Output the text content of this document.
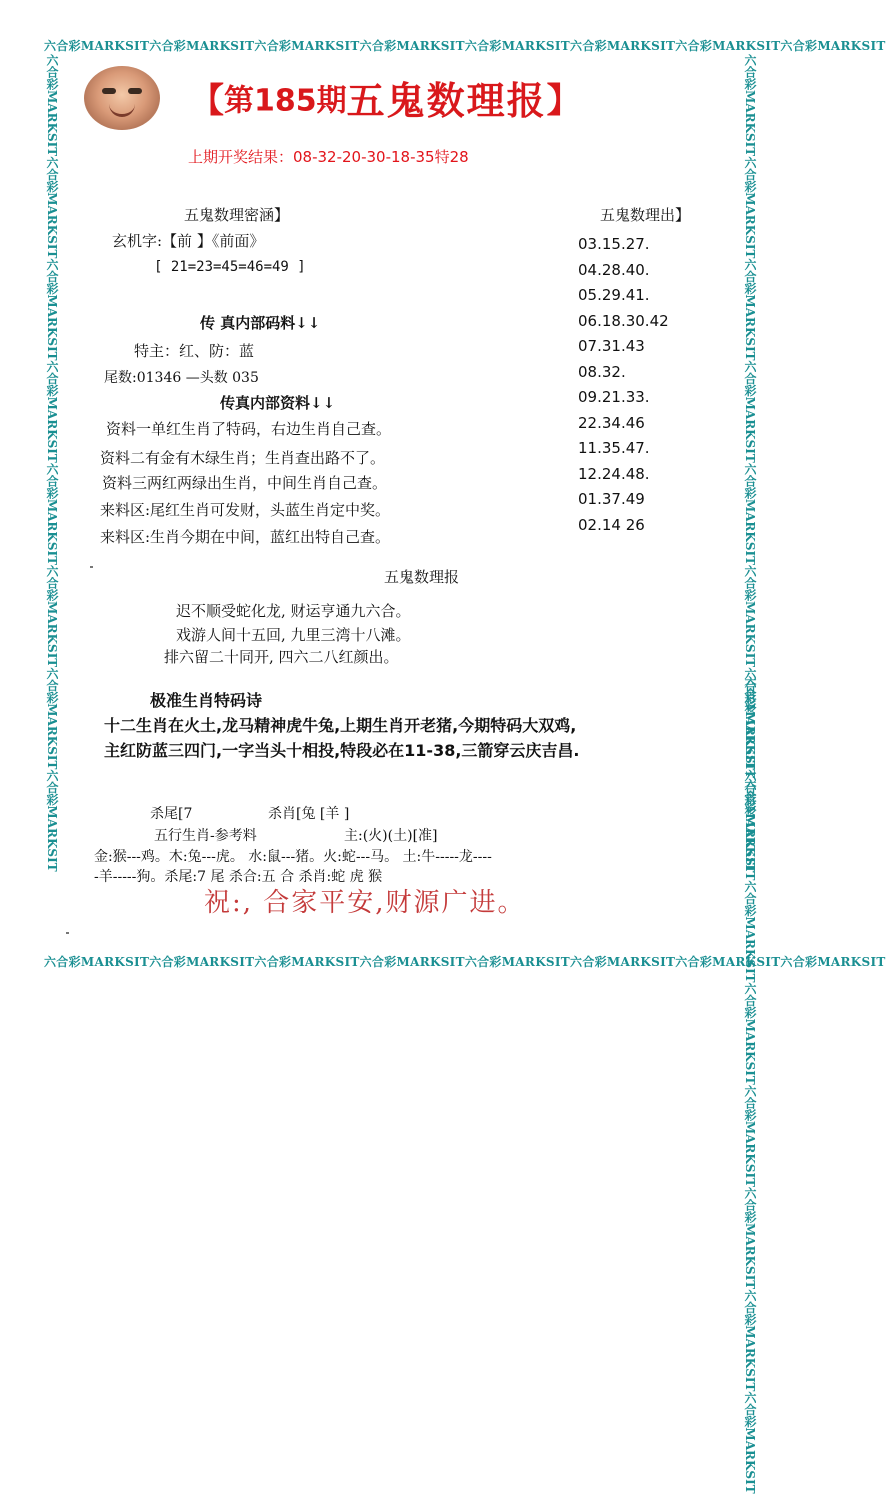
六合彩MARKSIT六合彩MARKSIT六合彩MARKSIT六合彩MARKSIT六合彩MARKSIT六合彩MARKSIT六合彩MARKSIT六合彩MARKSIT
六合彩MARKSIT六合彩MARKSIT六合彩MARKSIT六合彩MARKSIT六合彩MARKSIT六合彩MARKSIT六合彩MARKSIT六合彩MARKSIT
六合彩MARKSIT六合彩MARKSIT六合彩MARKSIT六合彩MARKSIT六合彩MARKSIT六合彩MARKSIT六合彩MARKSIT六合彩MARKSIT	六合彩MARKSIT六合彩MARKSIT六合彩MARKSIT六合彩MARKSIT六合彩MARKSIT六合彩MARKSIT六合彩MARKSIT六合彩MARKSIT
六合彩MARKSIT六合彩MARKSIT六合彩MARKSIT六合彩MARKSIT六合彩MARKSIT六合彩MARKSIT六合彩MARKSIT六合彩MARKSIT
【第185期五鬼数理报】
上期开奖结果：08-32-20-30-18-35特28
五鬼数理密涵】
玄机字:【前 】《前面》
[ 21=23=45=46=49 ]
传 真内部码料↓↓
特主：红、防：蓝
尾数:01346 —头数 035
传真内部资料↓↓
资料一单红生肖了特码，右边生肖自己查。
资料二有金有木绿生肖；生肖查出路不了。
资料三两红两绿出生肖，中间生肖自己查。
来料区:尾红生肖可发财，头蓝生肖定中奖。
来料区:生肖今期在中间，蓝红出特自己查。
五鬼数理出】
03.15.27.
04.28.40.
05.29.41.
06.18.30.42
07.31.43
08.32.
09.21.33.
22.34.46
11.35.47.
12.24.48.
01.37.49
02.14 26
五鬼数理报
迟不顺受蛇化龙, 财运亨通九六合。
戏游人间十五回, 九里三湾十八滩。
排六留二十同开, 四六二八红颜出。
极准生肖特码诗
十二生肖在火土,龙马精神虎牛兔,上期生肖开老猪,今期特码大双鸡,
主红防蓝三四门,一字当头十相投,特段必在11-38,三箭穿云庆吉昌.
杀尾[7	杀肖[兔 [羊 ]
五行生肖-参考料	主:(火)(土)[准]
金:猴---鸡。木:兔---虎。 水:鼠---猪。火:蛇---马。 土:牛-----龙----
-羊-----狗。杀尾:7 尾 杀合:五 合 杀肖:蛇 虎 猴
祝:, 合家平安,财源广进。
